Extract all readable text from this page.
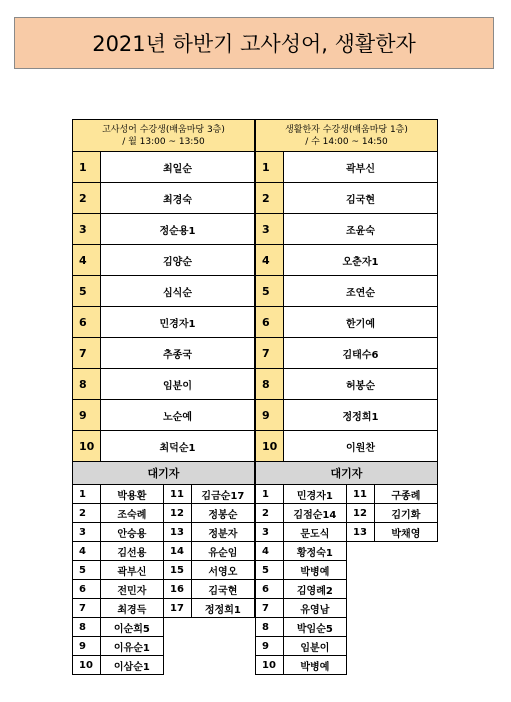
2021년 하반기 고사성어, 생활한자
고사성어 수강생(배움마당 3층)
/ 월 13:00 ~ 13:50
1	최일순
2	최경숙
3	정순용1
4	김양순
5	심식순
6	민경자1
7	추종국
8	임분이
9	노순예
10	최덕순1
대기자
1	박용환	11	김금순17
2	조숙례	12	정봉순
3	안승용	13	정분자
4	김선용	14	유순임
5	곽부신	15	서영오
6	전민자	16	김국현
7	최경득	17	정정희1
8	이순희5
9	이유순1
10	이삼순1
생활한자 수강생(배움마당 1층)
/ 수 14:00 ~ 14:50
1	곽부신
2	김국현
3	조윤숙
4	오춘자1
5	조연순
6	한기예
7	김태수6
8	허봉순
9	정정희1
10	이원찬
대기자
1	민경자1	11	구종례
2	김점순14	12	김기화
3	문도식	13	박채영
4	황정숙1
5	박병예
6	김영례2
7	유영남
8	박임순5
9	임분이
10	박병예
